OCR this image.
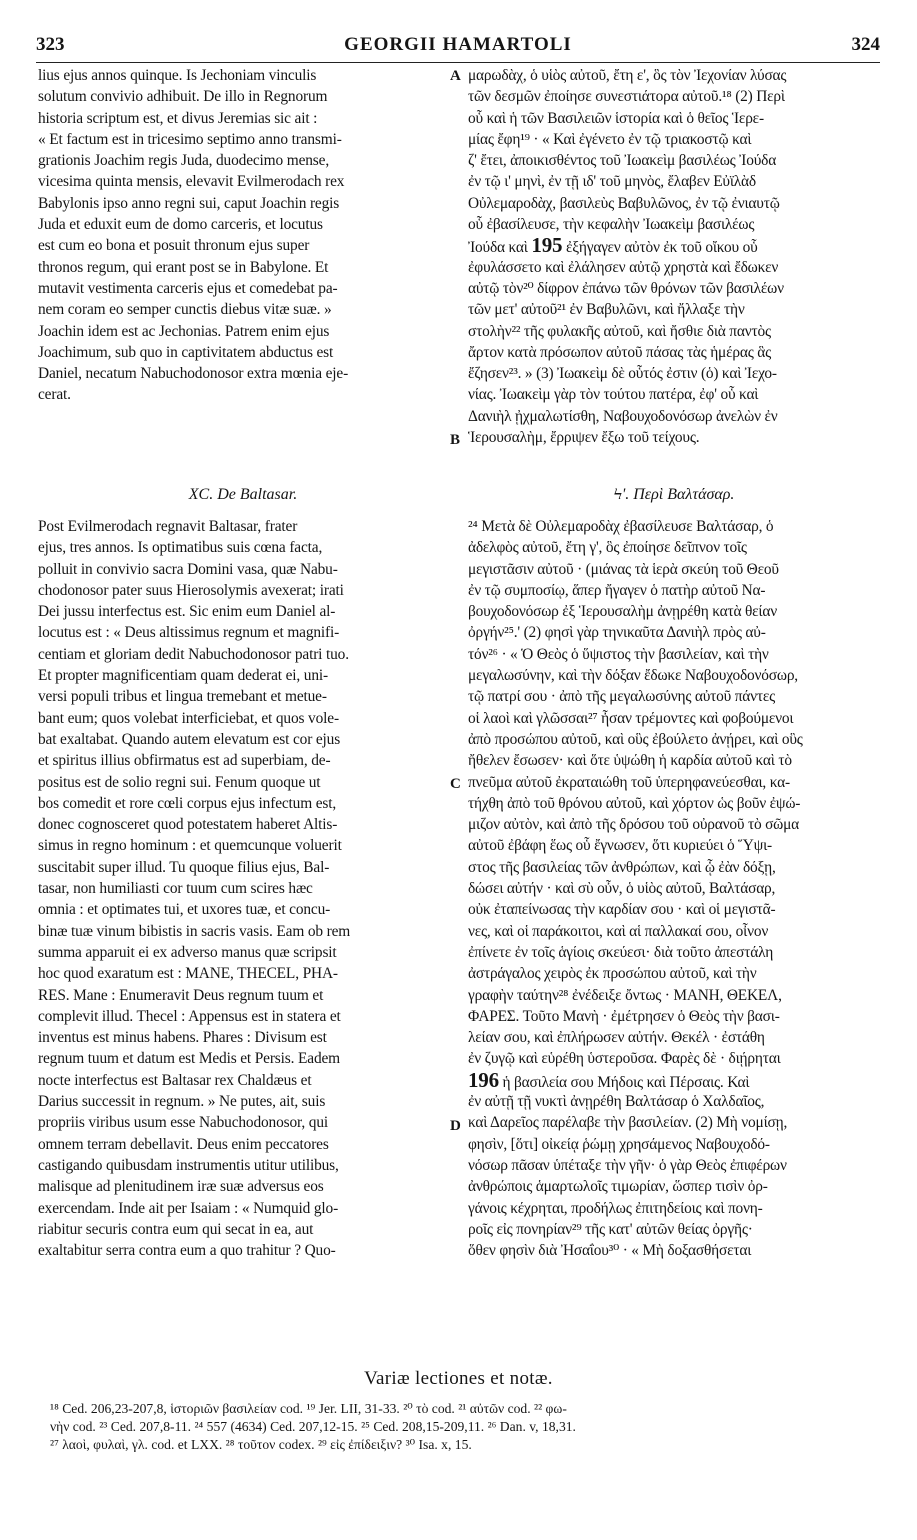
323	GEORGII HAMARTOLI	324
lius ejus annos quinque. Is Jechoniam vinculis
solutum convivio adhibuit. De illo in Regnorum
historia scriptum est, et divus Jeremias sic ait :
« Et factum est in tricesimo septimo anno transmi-
grationis Joachim regis Juda, duodecimo mense,
vicesima quinta mensis, elevavit Evilmerodach rex
Babylonis ipso anno regni sui, caput Joachin regis
Juda et eduxit eum de domo carceris, et locutus
est cum eo bona et posuit thronum ejus super
thronos regum, qui erant post se in Babylone. Et
mutavit vestimenta carceris ejus et comedebat pa-
nem coram eo semper cunctis diebus vitæ suæ. »
Joachin idem est ac Jechonias. Patrem enim ejus
Joachimum, sub quo in captivitatem abductus est
Daniel, necatum Nabuchodonosor extra mœnia eje-
cerat.
μαρωδὰχ, ὁ υἱὸς αὐτοῦ, ἔτη ε', ὃς τὸν Ἰεχονίαν λύσας
τῶν δεσμῶν ἐποίησε συνεστιάτορα αὐτοῦ.¹⁸ (2) Περὶ
οὗ καὶ ἡ τῶν Βασιλειῶν ἱστορία καὶ ὁ θεῖος Ἱερε-
μίας ἔφη¹⁹ · « Καὶ ἐγένετο ἐν τῷ τριακοστῷ καὶ
ζ' ἔτει, ἀποικισθέντος τοῦ Ἰωακεὶμ βασιλέως Ἰούδα
ἐν τῷ ι' μηνὶ, ἐν τῇ ιδ' τοῦ μηνὸς, ἔλαβεν Εὐϊλὰδ
Οὐλεμαροδὰχ, βασιλεὺς Βαβυλῶνος, ἐν τῷ ἐνιαυτῷ
οὗ ἐβασίλευσε, τὴν κεφαλὴν Ἰωακεὶμ βασιλέως
Ἰούδα καὶ 195 ἐξήγαγεν αὐτὸν ἐκ τοῦ οἴκου οὗ
ἐφυλάσσετο καὶ ἐλάλησεν αὐτῷ χρηστὰ καὶ ἔδωκεν
αὐτῷ τὸν²⁰ δίφρον ἐπάνω τῶν θρόνων τῶν βασιλέων
τῶν μετ' αὐτοῦ²¹ ἐν Βαβυλῶνι, καὶ ἤλλαξε τὴν
στολὴν²² τῆς φυλακῆς αὐτοῦ, καὶ ἤσθιε διὰ παντὸς
ἄρτον κατὰ πρόσωπον αὐτοῦ πάσας τὰς ἡμέρας ἃς
ἔζησεν²³. » (3) Ἰωακεὶμ δὲ οὗτός ἐστιν (ὁ) καὶ Ἰεχο-
νίας. Ἰωακεὶμ γὰρ τὸν τούτου πατέρα, ἐφ' οὗ καὶ
Δανιὴλ ᾐχμαλωτίσθη, Ναβουχοδονόσωρ ἀνελὼν ἐν
Ἱερουσαλὴμ, ἔρριψεν ἔξω τοῦ τείχους.
A
B
C
D
XC. De Baltasar.	Ϟ'. Περὶ Βαλτάσαρ.
Post Evilmerodach regnavit Baltasar, frater
ejus, tres annos. Is optimatibus suis cœna facta,
polluit in convivio sacra Domini vasa, quæ Nabu-
chodonosor pater suus Hierosolymis avexerat; irati
Dei jussu interfectus est. Sic enim eum Daniel al-
locutus est : « Deus altissimus regnum et magnifi-
centiam et gloriam dedit Nabuchodonosor patri tuo.
Et propter magnificentiam quam dederat ei, uni-
versi populi tribus et lingua tremebant et metue-
bant eum; quos volebat interficiebat, et quos vole-
bat exaltabat. Quando autem elevatum est cor ejus
et spiritus illius obfirmatus est ad superbiam, de-
positus est de solio regni sui. Fenum quoque ut
bos comedit et rore cœli corpus ejus infectum est,
donec cognosceret quod potestatem haberet Altis-
simus in regno hominum : et quemcunque voluerit
suscitabit super illud. Tu quoque filius ejus, Bal-
tasar, non humiliasti cor tuum cum scires hæc
omnia : et optimates tui, et uxores tuæ, et concu-
binæ tuæ vinum bibistis in sacris vasis. Eam ob rem
summa apparuit ei ex adverso manus quæ scripsit
hoc quod exaratum est : MANE, THECEL, PHA-
RES. Mane : Enumeravit Deus regnum tuum et
complevit illud. Thecel : Appensus est in statera et
inventus est minus habens. Phares : Divisum est
regnum tuum et datum est Medis et Persis. Eadem
nocte interfectus est Baltasar rex Chaldæus et
Darius successit in regnum. » Ne putes, ait, suis
propriis viribus usum esse Nabuchodonosor, qui
omnem terram debellavit. Deus enim peccatores
castigando quibusdam instrumentis utitur utilibus,
malisque ad plenitudinem iræ suæ adversus eos
exercendam. Inde ait per Isaiam : « Numquid glo-
riabitur securis contra eum qui secat in ea, aut
exaltabitur serra contra eum a quo trahitur ? Quo-
²⁴ Μετὰ δὲ Οὐλεμαροδὰχ ἐβασίλευσε Βαλτάσαρ, ὁ
ἀδελφὸς αὐτοῦ, ἔτη γ', ὃς ἐποίησε δεῖπνον τοῖς
μεγιστᾶσιν αὐτοῦ · (μιάνας τὰ ἱερὰ σκεύη τοῦ Θεοῦ
ἐν τῷ συμποσίῳ, ἅπερ ἤγαγεν ὁ πατὴρ αὐτοῦ Να-
βουχοδονόσωρ ἐξ Ἱερουσαλὴμ ἀνῃρέθη κατὰ θείαν
ὀργήν²⁵.' (2) φησὶ γὰρ τηνικαῦτα Δανιὴλ πρὸς αὐ-
τόν²⁶ · « Ὁ Θεὸς ὁ ὕψιστος τὴν βασιλείαν, καὶ τὴν
μεγαλωσύνην, καὶ τὴν δόξαν ἔδωκε Ναβουχοδονόσωρ,
τῷ πατρί σου · ἀπὸ τῆς μεγαλωσύνης αὐτοῦ πάντες
οἱ λαοὶ καὶ γλῶσσαι²⁷ ἦσαν τρέμοντες καὶ φοβούμενοι
ἀπὸ προσώπου αὐτοῦ, καὶ οὓς ἐβούλετο ἀνῄρει, καὶ οὓς
ἤθελεν ἔσωσεν· καὶ ὅτε ὑψώθη ἡ καρδία αὐτοῦ καὶ τὸ
πνεῦμα αὐτοῦ ἐκραταιώθη τοῦ ὑπερηφανεύεσθαι, κα-
τήχθη ἀπὸ τοῦ θρόνου αὐτοῦ, καὶ χόρτον ὡς βοῦν ἐψώ-
μιζον αὐτὸν, καὶ ἀπὸ τῆς δρόσου τοῦ οὐρανοῦ τὸ σῶμα
αὐτοῦ ἐβάφη ἕως οὗ ἔγνωσεν, ὅτι κυριεύει ὁ Ὕψι-
στος τῆς βασιλείας τῶν ἀνθρώπων, καὶ ᾧ ἐὰν δόξῃ,
δώσει αὐτήν · καὶ σὺ οὖν, ὁ υἱὸς αὐτοῦ, Βαλτάσαρ,
οὐκ ἐταπείνωσας τὴν καρδίαν σου · καὶ οἱ μεγιστᾶ-
νες, καὶ οἱ παράκοιτοι, καὶ αἱ παλλακαί σου, οἶνον
ἐπίνετε ἐν τοῖς ἁγίοις σκεύεσι· διὰ τοῦτο ἀπεστάλη
ἀστράγαλος χειρὸς ἐκ προσώπου αὐτοῦ, καὶ τὴν
γραφὴν ταύτην²⁸ ἐνέδειξε ὄντως · ΜΑΝΗ, ΘΕΚΕΛ,
ΦΑΡΕΣ. Τοῦτο Μανὴ · ἐμέτρησεν ὁ Θεὸς τὴν βασι-
λείαν σου, καὶ ἐπλήρωσεν αὐτήν. Θεκέλ · ἐστάθη
ἐν ζυγῷ καὶ εὑρέθη ὑστεροῦσα. Φαρὲς δὲ · διῄρηται
196 ἡ βασιλεία σου Μήδοις καὶ Πέρσαις. Καὶ
ἐν αὐτῇ τῇ νυκτὶ ἀνῃρέθη Βαλτάσαρ ὁ Χαλδαῖος,
καὶ Δαρεῖος παρέλαβε τὴν βασιλείαν. (2) Μὴ νομίσῃ,
φησὶν, [ὅτι] οἰκείᾳ ῥώμῃ χρησάμενος Ναβουχοδό-
νόσωρ πᾶσαν ὑπέταξε τὴν γῆν· ὁ γὰρ Θεὸς ἐπιφέρων
ἀνθρώποις ἁμαρτωλοῖς τιμωρίαν, ὥσπερ τισὶν ὀρ-
γάνοις κέχρηται, προδήλως ἐπιτηδείοις καὶ πονη-
ροῖς εἰς πονηρίαν²⁹ τῆς κατ' αὐτῶν θείας ὀργῆς·
ὅθεν φησὶν διὰ Ἠσαΐου³⁰ · « Μὴ δοξασθήσεται
Variæ lectiones et notæ.
¹⁸ Ced. 206,23-207,8, ἱστοριῶν βασιλείαν cod. ¹⁹ Jer. LII, 31-33. ²⁰ τὸ cod. ²¹ αὐτῶν cod. ²² φω-
νὴν cod. ²³ Ced. 207,8-11. ²⁴ 557 (4634) Ced. 207,12-15. ²⁵ Ced. 208,15-209,11. ²⁶ Dan. v, 18,31.
²⁷ λαοὶ, φυλαὶ, γλ. cod. et LXX. ²⁸ τοῦτον codex. ²⁹ εἰς ἐπίδειξιν? ³⁰ Isa. x, 15.
